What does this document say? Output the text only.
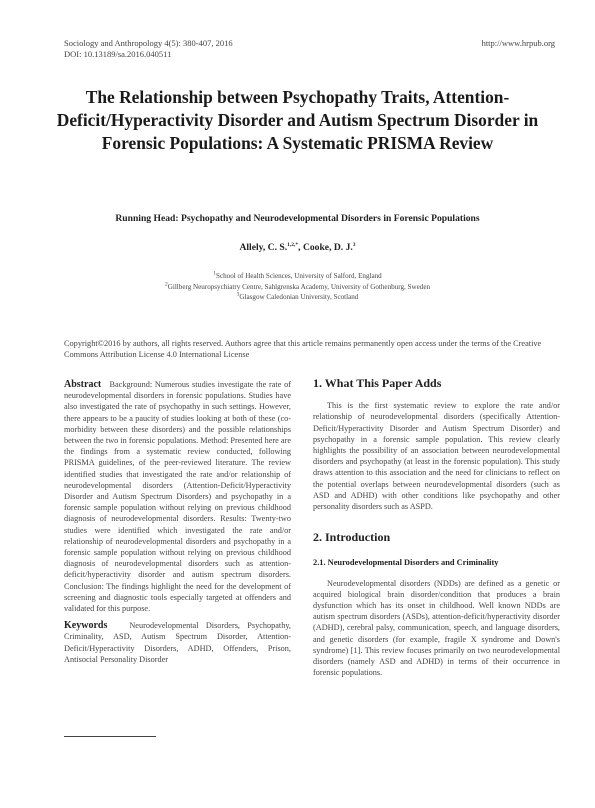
Sociology and Anthropology 4(5): 380-407, 2016
DOI: 10.13189/sa.2016.040511
http://www.hrpub.org
The Relationship between Psychopathy Traits, Attention-Deficit/Hyperactivity Disorder and Autism Spectrum Disorder in Forensic Populations: A Systematic PRISMA Review
Running Head: Psychopathy and Neurodevelopmental Disorders in Forensic Populations
Allely, C. S.$^{1,2,*}$, Cooke, D. J.$^3$
$^1$School of Health Sciences, University of Salford, England
$^2$Gillberg Neuropsychiatry Centre, Sahlgrenska Academy, University of Gothenburg, Sweden
$^3$Glasgow Caledonian University, Scotland
Copyright©2016 by authors, all rights reserved. Authors agree that this article remains permanently open access under the terms of the Creative Commons Attribution License 4.0 International License

Abstract Background: Numerous studies investigate the rate of neurodevelopmental disorders in forensic populations. Studies have also investigated the rate of psychopathy in such settings. However, there appears to be a paucity of studies looking at both of these (co-morbidity between these disorders) and the possible relationships between the two in forensic populations. Method: Presented here are the findings from a systematic review conducted, following PRISMA guidelines, of the peer-reviewed literature. The review identified studies that investigated the rate and/or relationship of neurodevelopmental disorders (Attention-Deficit/Hyperactivity Disorder and Autism Spectrum Disorders) and psychopathy in a forensic sample population without relying on previous childhood diagnosis of neurodevelopmental disorders. Results: Twenty-two studies were identified which investigated the rate and/or relationship of neurodevelopmental disorders and psychopathy in a forensic sample population without relying on previous childhood diagnosis of neurodevelopmental disorders such as attention-deficit/hyperactivity disorder and autism spectrum disorders. Conclusion: The findings highlight the need for the development of screening and diagnostic tools especially targeted at offenders and validated for this purpose.

Keywords	Neurodevelopmental Disorders, Psychopathy, Criminality, ASD, Autism Spectrum Disorder, Attention-Deficit/Hyperactivity Disorders, ADHD, Offenders, Prison, Antisocial Personality Disorder

1. What This Paper Adds

This is the first systematic review to explore the rate and/or relationship of neurodevelopmental disorders (specifically Attention-Deficit/Hyperactivity Disorder and Autism Spectrum Disorder) and psychopathy in a forensic sample population. This review clearly highlights the possibility of an association between neurodevelopmental disorders and psychopathy (at least in the forensic population). This study draws attention to this association and the need for clinicians to reflect on the potential overlaps between neurodevelopmental disorders (such as ASD and ADHD) with other conditions like psychopathy and other personality disorders such as ASPD.

2. Introduction
2.1. Neurodevelopmental Disorders and Criminality

Neurodevelopmental disorders (NDDs) are defined as a genetic or acquired biological brain disorder/condition that produces a brain dysfunction which has its onset in childhood. Well known NDDs are autism spectrum disorders (ASDs), attention-deficit/hyperactivity disorder (ADHD), cerebral palsy, communication, speech, and language disorders, and genetic disorders (for example, fragile X syndrome and Down's syndrome) [1]. This review focuses primarily on two neurodevelopmental disorders (namely ASD and ADHD) in terms of their occurrence in forensic populations.
